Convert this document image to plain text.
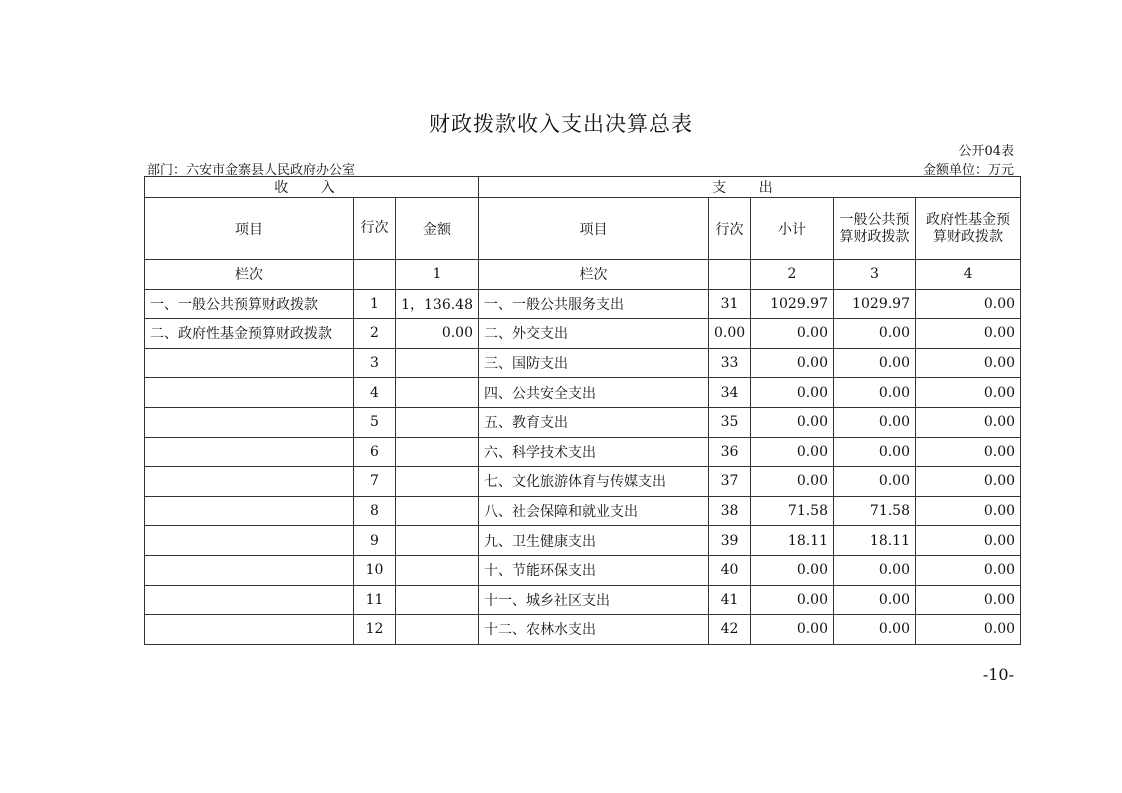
财政拨款收入支出决算总表
公开04表
部门：六安市金寨县人民政府办公室	金额单位：万元
收 入			支 出				
项目	行次	金额	项目	行次	小计	一般公共预算财政拨款	政府性基金预算财政拨款
栏次		1	栏次		2	3	4
一、一般公共预算财政拨款	1	1，136.48	一、一般公共服务支出	31	1029.97	1029.97	0.00
二、政府性基金预算财政拨款	2	0.00	二、外交支出	0.00	0.00	0.00	0.00
	3		三、国防支出	33	0.00	0.00	0.00
	4		四、公共安全支出	34	0.00	0.00	0.00
	5		五、教育支出	35	0.00	0.00	0.00
	6		六、科学技术支出	36	0.00	0.00	0.00
	7		七、文化旅游体育与传媒支出	37	0.00	0.00	0.00
	8		八、社会保障和就业支出	38	71.58	71.58	0.00
	9		九、卫生健康支出	39	18.11	18.11	0.00
	10		十、节能环保支出	40	0.00	0.00	0.00
	11		十一、城乡社区支出	41	0.00	0.00	0.00
	12		十二、农林水支出	42	0.00	0.00	0.00
-10-
